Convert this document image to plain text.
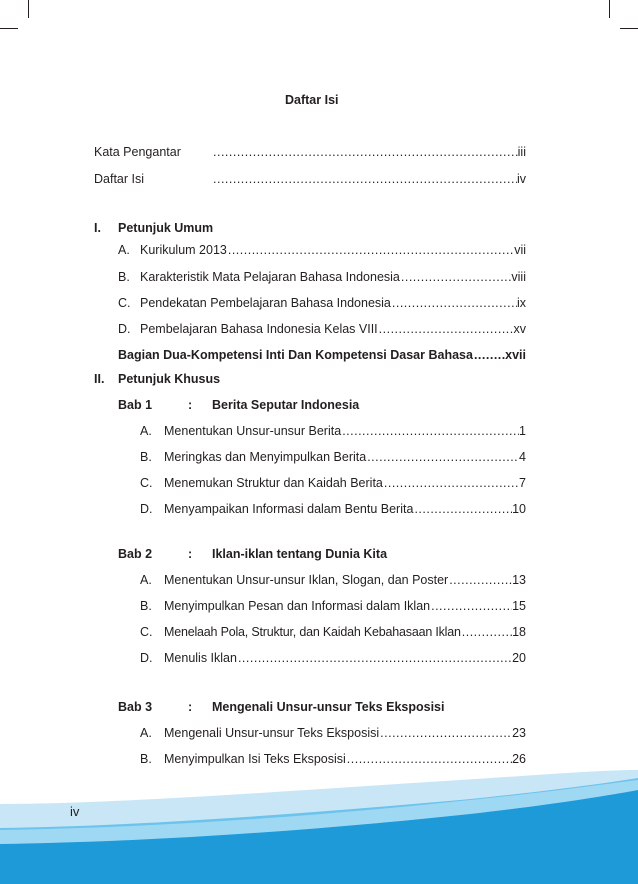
Daftar Isi
Kata Pengantar .....	iii
Daftar Isi .....	iv
I. Petunjuk Umum
A. Kurikulum 2013 .....	vii
B. Karakteristik Mata Pelajaran Bahasa Indonesia .....	viii
C. Pendekatan Pembelajaran Bahasa Indonesia .....	ix
D. Pembelajaran Bahasa Indonesia Kelas VIII .....	xv
Bagian Dua-Kompetensi Inti Dan Kompetensi Dasar Bahasa .....	xvii
II. Petunjuk Khusus
Bab 1	: Berita Seputar Indonesia
A. Menentukan Unsur-unsur Berita .....	1
B. Meringkas dan Menyimpulkan Berita .....	4
C. Menemukan Struktur dan Kaidah Berita .....	7
D. Menyampaikan Informasi dalam Bentu Berita .....	10
Bab 2	: Iklan-iklan tentang Dunia Kita
A. Menentukan Unsur-unsur Iklan, Slogan, dan Poster .....	13
B. Menyimpulkan Pesan dan Informasi dalam Iklan .....	15
C. Menelaah Pola, Struktur, dan Kaidah Kebahasaan Iklan .....	18
D. Menulis Iklan .....	20
Bab 3	: Mengenali Unsur-unsur Teks Eksposisi
A. Mengenali Unsur-unsur Teks Eksposisi .....	23
B. Menyimpulkan Isi Teks Eksposisi .....	26
iv
